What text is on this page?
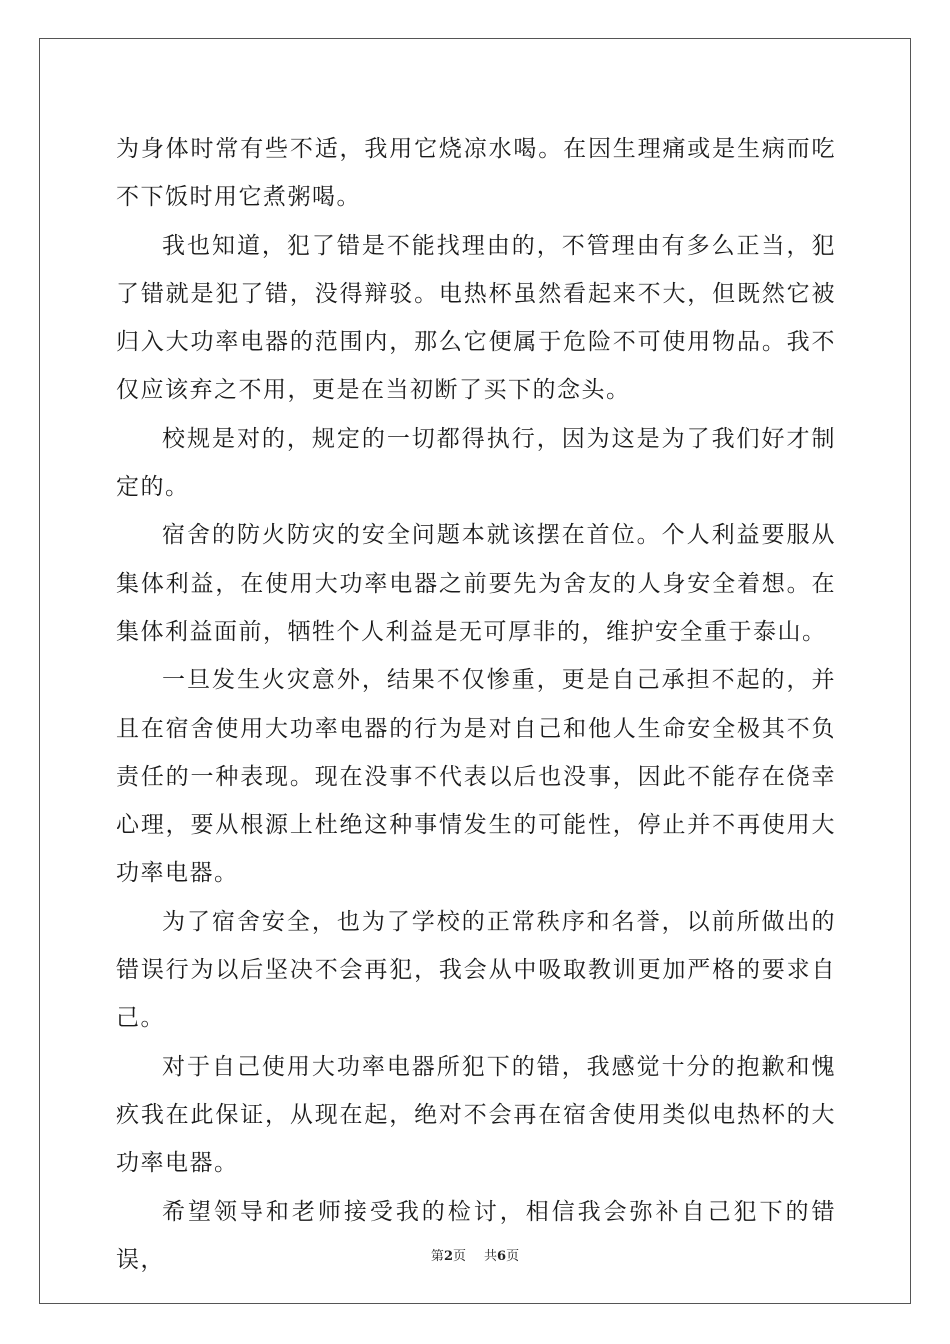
为身体时常有些不适，我用它烧凉水喝。在因生理痛或是生病而吃不下饭时用它煮粥喝。

我也知道，犯了错是不能找理由的，不管理由有多么正当，犯了错就是犯了错，没得辩驳。电热杯虽然看起来不大，但既然它被归入大功率电器的范围内，那么它便属于危险不可使用物品。我不仅应该弃之不用，更是在当初断了买下的念头。

校规是对的，规定的一切都得执行，因为这是为了我们好才制定的。

宿舍的防火防灾的安全问题本就该摆在首位。个人利益要服从集体利益，在使用大功率电器之前要先为舍友的人身安全着想。在集体利益面前，牺牲个人利益是无可厚非的，维护安全重于泰山。

一旦发生火灾意外，结果不仅惨重，更是自己承担不起的，并且在宿舍使用大功率电器的行为是对自己和他人生命安全极其不负责任的一种表现。现在没事不代表以后也没事，因此不能存在侥幸心理，要从根源上杜绝这种事情发生的可能性，停止并不再使用大功率电器。

为了宿舍安全，也为了学校的正常秩序和名誉，以前所做出的错误行为以后坚决不会再犯，我会从中吸取教训更加严格的要求自己。

对于自己使用大功率电器所犯下的错，我感觉十分的抱歉和愧疚我在此保证，从现在起，绝对不会再在宿舍使用类似电热杯的大功率电器。

希望领导和老师接受我的检讨，相信我会弥补自己犯下的错误，	第2页 共6页
